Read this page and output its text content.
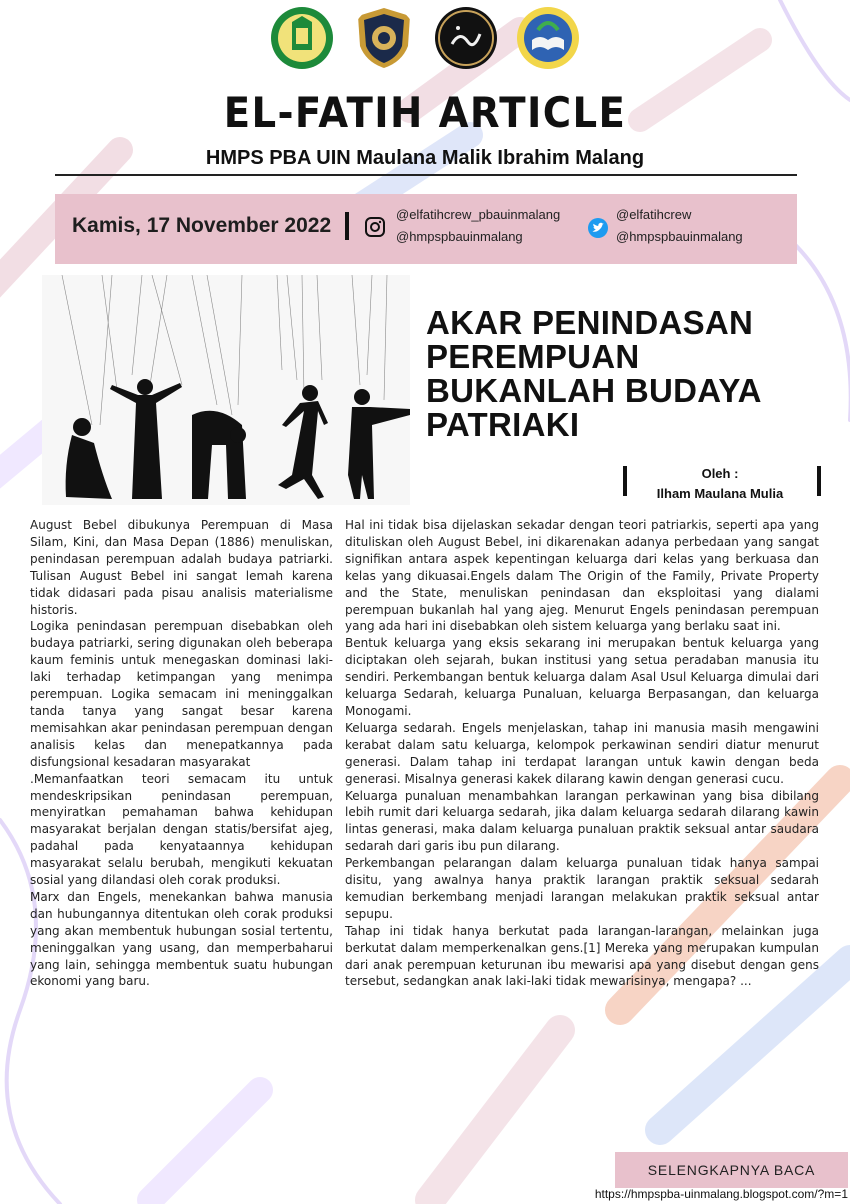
EL-FATIH ARTICLE
HMPS PBA UIN Maulana Malik Ibrahim Malang
Kamis, 17 November 2022	@elfatihcrew_pbauinmalang
@hmpspbauinmalang
@elfatihcrew
@hmpspbauinmalang
AKAR PENINDASAN PEREMPUAN BUKANLAH BUDAYA PATRIAKI
Oleh :
Ilham Maulana Mulia

August Bebel dibukunya Perempuan di Masa Silam, Kini, dan Masa Depan (1886) menuliskan, penindasan perempuan adalah budaya patriarki. Tulisan August Bebel ini sangat lemah karena tidak didasari pada pisau analisis materialisme historis.

Logika penindasan perempuan disebabkan oleh budaya patriarki, sering digunakan oleh beberapa kaum feminis untuk menegaskan dominasi laki-laki terhadap ketimpangan yang menimpa perempuan. Logika semacam ini meninggalkan tanda tanya yang sangat besar karena memisahkan akar penindasan perempuan dengan analisis kelas dan menepatkannya pada disfungsional kesadaran masyarakat

.Memanfaatkan teori semacam itu untuk mendeskripsikan penindasan perempuan, menyiratkan pemahaman bahwa kehidupan masyarakat berjalan dengan statis/bersifat ajeg, padahal pada kenyataannya kehidupan masyarakat selalu berubah, mengikuti kekuatan sosial yang dilandasi oleh corak produksi.

Marx dan Engels, menekankan bahwa manusia dan hubungannya ditentukan oleh corak produksi yang akan membentuk hubungan sosial tertentu, meninggalkan yang usang, dan memperbaharui yang lain, sehingga membentuk suatu hubungan ekonomi yang baru.

Hal ini tidak bisa dijelaskan sekadar dengan teori patriarkis, seperti apa yang dituliskan oleh August Bebel, ini dikarenakan adanya perbedaan yang sangat signifikan antara aspek kepentingan keluarga dari kelas yang berkuasa dan kelas yang dikuasai.Engels dalam The Origin of the Family, Private Property and the State, menuliskan penindasan dan eksploitasi yang dialami perempuan bukanlah hal yang ajeg. Menurut Engels penindasan perempuan yang ada hari ini disebabkan oleh sistem keluarga yang berlaku saat ini.

Bentuk keluarga yang eksis sekarang ini merupakan bentuk keluarga yang diciptakan oleh sejarah, bukan institusi yang setua peradaban manusia itu sendiri. Perkembangan bentuk keluarga dalam Asal Usul Keluarga dimulai dari keluarga Sedarah, keluarga Punaluan, keluarga Berpasangan, dan keluarga Monogami.

Keluarga sedarah. Engels menjelaskan, tahap ini manusia masih mengawini kerabat dalam satu keluarga, kelompok perkawinan sendiri diatur menurut generasi. Dalam tahap ini terdapat larangan untuk kawin dengan beda generasi. Misalnya generasi kakek dilarang kawin dengan generasi cucu.

Keluarga punaluan menambahkan larangan perkawinan yang bisa dibilang lebih rumit dari keluarga sedarah, jika dalam keluarga sedarah dilarang kawin lintas generasi, maka dalam keluarga punaluan praktik seksual antar saudara sedarah dari garis ibu pun dilarang.

Perkembangan pelarangan dalam keluarga punaluan tidak hanya sampai disitu, yang awalnya hanya praktik larangan praktik seksual sedarah kemudian berkembang menjadi larangan melakukan praktik seksual antar sepupu.

Tahap ini tidak hanya berkutat pada larangan-larangan, melainkan juga berkutat dalam memperkenalkan gens.[1] Mereka yang merupakan kumpulan dari anak perempuan keturunan ibu mewarisi apa yang disebut dengan gens tersebut, sedangkan anak laki-laki tidak mewarisinya, mengapa? ...

SELENGKAPNYA BACA
https://hmpspba-uinmalang.blogspot.com/?m=1
